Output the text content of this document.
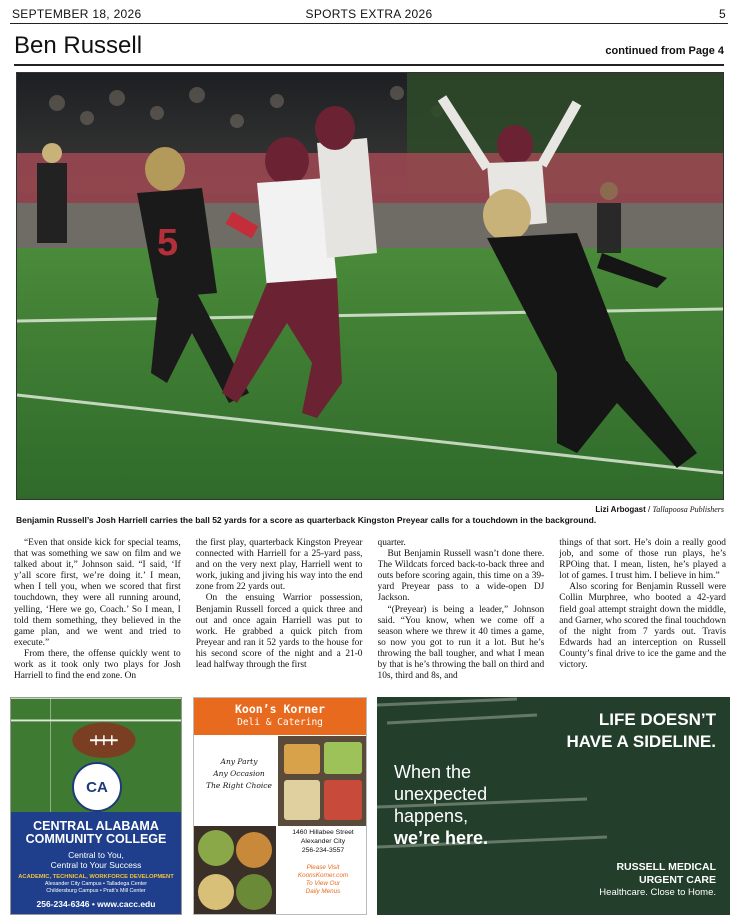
SEPTEMBER 18, 2026	SPORTS EXTRA 2026	5
Ben Russell	continued from Page 4
5
Lizi Arbogast / Tallapoosa Publishers
Benjamin Russell’s Josh Harriell carries the ball 52 yards for a score as quarterback Kingston Preyear calls for a touchdown in the background.

“Even that onside kick for special teams, that was something we saw on film and we talked about it,” Johnson said. “I said, ‘If y’all score first, we’re doing it.’ I mean, when I tell you, when we scored that first touchdown, they were all running around, yelling, ‘Here we go, Coach.’ So I mean, I told them something, they believed in the game plan, and we went and tried to execute.”

From there, the offense quickly went to work as it took only two plays for Josh Harriell to find the end zone. On

the first play, quarterback Kingston Preyear connected with Harriell for a 25-yard pass, and on the very next play, Harriell went to work, juking and jiving his way into the end zone from 22 yards out.

On the ensuing Warrior possession, Benjamin Russell forced a quick three and out and once again Harriell was put to work. He grabbed a quick pitch from Preyear and ran it 52 yards to the house for his second score of the night and a 21-0 lead halfway through the first

quarter.

But Benjamin Russell wasn’t done there. The Wildcats forced back-to-back three and outs before scoring again, this time on a 39-yard Preyear pass to a wide-open DJ Jackson.

“(Preyear) is being a leader,” Johnson said. “You know, when we come off a season where we threw it 40 times a game, so now you got to run it a lot. But he’s throwing the ball tougher, and what I mean by that is he’s throwing the ball on third and 10s, third and 8s, and

things of that sort. He’s doin a really good job, and some of those run plays, he’s RPOing that. I mean, listen, he’s played a lot of games. I trust him. I believe in him.”

Also scoring for Benjamin Russell were Collin Murphree, who booted a 42-yard field goal attempt straight down the middle, and Garner, who scored the final touchdown of the night from 7 yards out. Travis Edwards had an interception on Russell County’s final drive to ice the game and the victory.

CA
CENTRAL ALABAMA
COMMUNITY COLLEGE
Central to You,
Central to Your Success
ACADEMIC, TECHNICAL, WORKFORCE DEVELOPMENT
Alexander City Campus • Talladega Center
Childersburg Campus • Pratt’s Mill Center
256-234-6346 • www.cacc.edu
Koon’s Korner
Deli & Catering
Any Party
Any Occasion
The Right Choice
1460 Hillabee Street
Alexander City
256-234-3557
Please Visit
KoonsKorner.com
To View Our
Daily Menus
LIFE DOESN’T
HAVE A SIDELINE.
When the
unexpected
happens,
we’re here.
RUSSELL MEDICAL
URGENT CARE
Healthcare. Close to Home.
